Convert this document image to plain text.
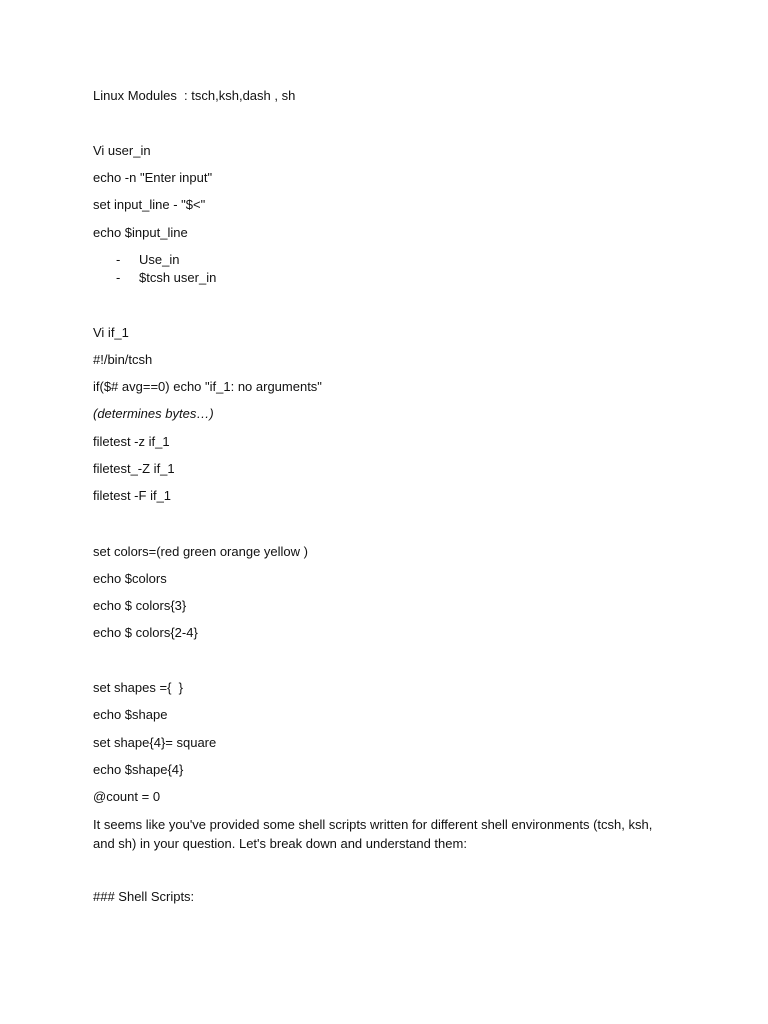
Linux Modules  : tsch,ksh,dash , sh
Vi user_in
echo -n "Enter input"
set input_line - "$<"
echo $input_line
- Use_in
- $tcsh user_in
Vi if_1
#!/bin/tcsh
if($# avg==0) echo "if_1: no arguments"
(determines bytes…)
filetest -z if_1
filetest_-Z if_1
filetest -F if_1
set colors=(red green orange yellow )
echo $colors
echo $ colors{3}
echo $ colors{2-4}
set shapes ={  }
echo $shape
set shape{4}= square
echo $shape{4}
@count = 0
It seems like you've provided some shell scripts written for different shell environments (tcsh, ksh, and sh) in your question. Let's break down and understand them:
### Shell Scripts:
